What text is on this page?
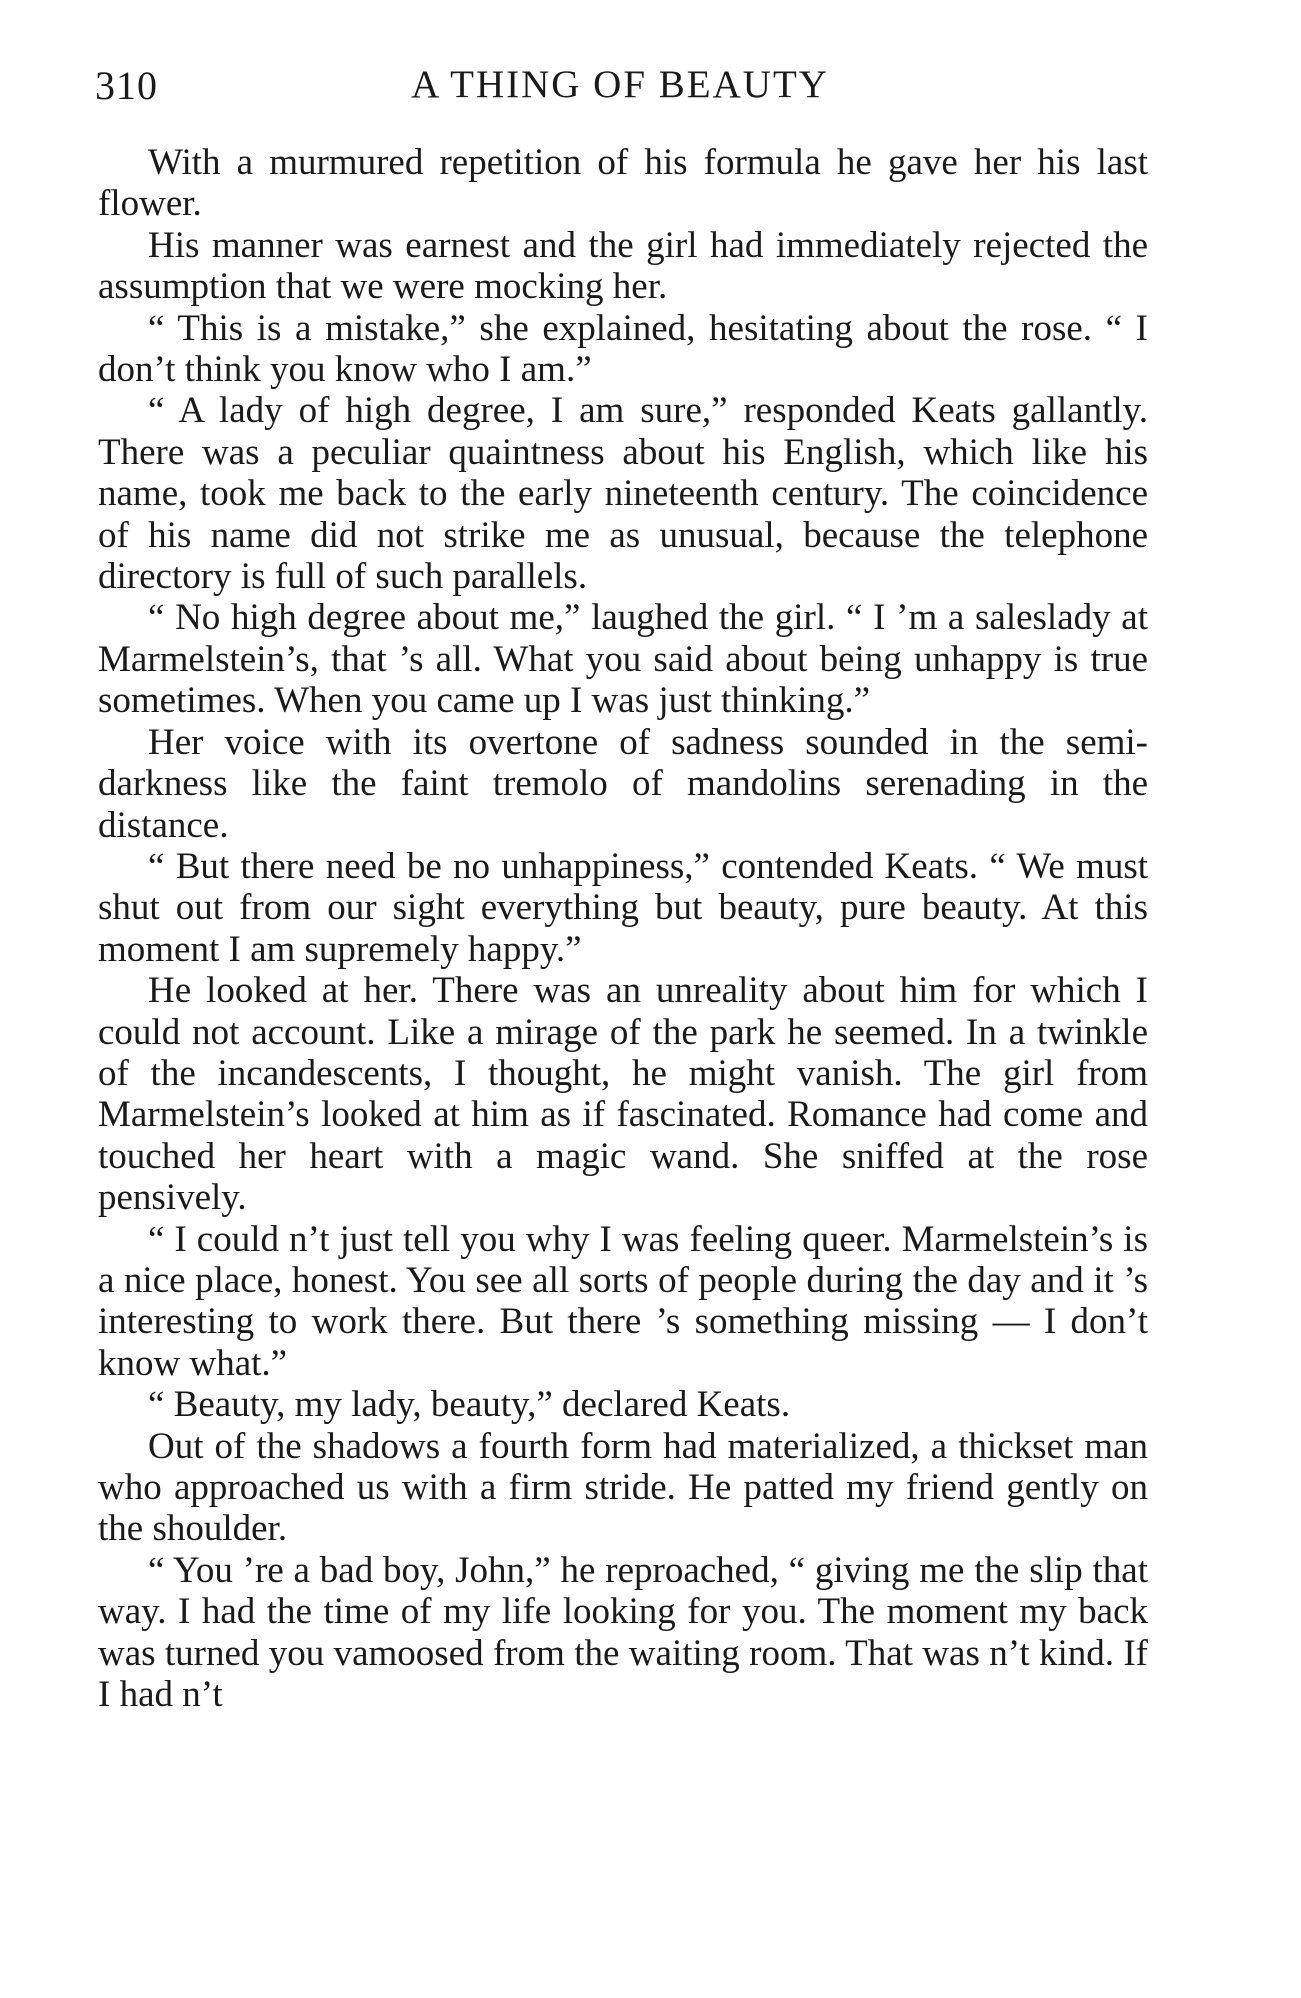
310	A THING OF BEAUTY

With a murmured repetition of his formula he gave her his last flower.

His manner was earnest and the girl had immediately rejected the assumption that we were mocking her.

“ This is a mistake,” she explained, hesitating about the rose. “ I don’t think you know who I am.”

“ A lady of high degree, I am sure,” responded Keats gallantly. There was a peculiar quaintness about his English, which like his name, took me back to the early nineteenth century. The coincidence of his name did not strike me as unusual, because the telephone directory is full of such parallels.

“ No high degree about me,” laughed the girl. “ I ’m a saleslady at Marmelstein’s, that ’s all. What you said about being unhappy is true sometimes. When you came up I was just thinking.”

Her voice with its overtone of sadness sounded in the semi-darkness like the faint tremolo of mandolins serenading in the distance.

“ But there need be no unhappiness,” contended Keats. “ We must shut out from our sight everything but beauty, pure beauty. At this moment I am supremely happy.”

He looked at her. There was an unreality about him for which I could not account. Like a mirage of the park he seemed. In a twinkle of the incandescents, I thought, he might vanish. The girl from Marmelstein’s looked at him as if fascinated. Romance had come and touched her heart with a magic wand. She sniffed at the rose pensively.

“ I could n’t just tell you why I was feeling queer. Marmelstein’s is a nice place, honest. You see all sorts of people during the day and it ’s interesting to work there. But there ’s something missing — I don’t know what.”

“ Beauty, my lady, beauty,” declared Keats.

Out of the shadows a fourth form had materialized, a thickset man who approached us with a firm stride. He patted my friend gently on the shoulder.

“ You ’re a bad boy, John,” he reproached, “ giving me the slip that way. I had the time of my life looking for you. The moment my back was turned you vamoosed from the waiting room. That was n’t kind. If I had n’t
